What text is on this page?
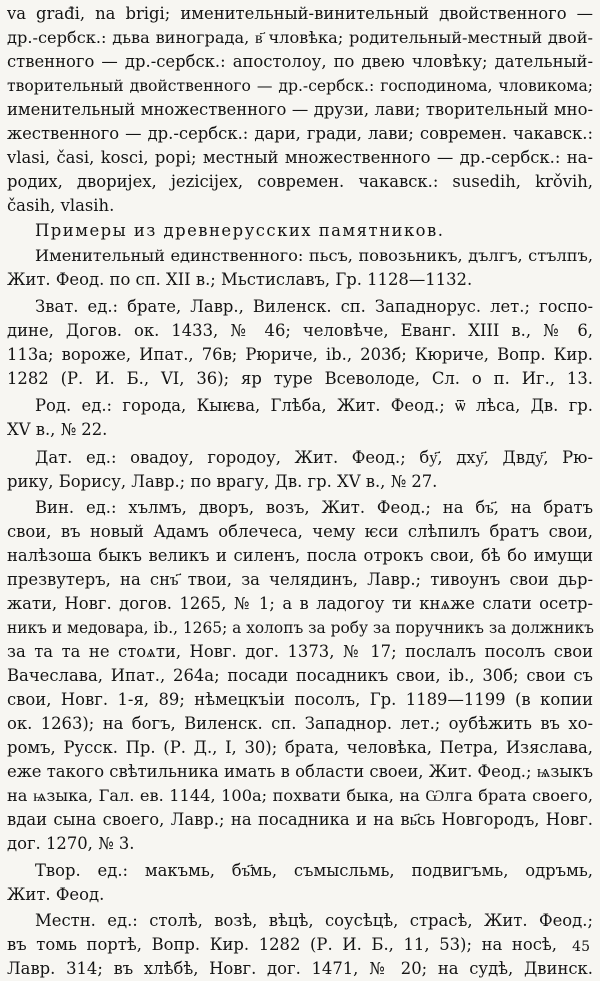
va građi, na brigi; именительный-винительный двойственного —
др.-сербск.: дьва винограда, в҃ чловѣка; родительный-местный двой-
ственного — др.-сербск.: апостолоу, по двею чловѣку; дательный-
творительный двойственного — др.-сербск.: господинома, чловикома;
именительный множественного — друзи, лави; творительный мно-
жественного — др.-сербск.: дари, гради, лави; современ. чакавск.:
vlasi, časi, kosci, popi; местный множественного — др.-сербск.: на-
родих, дворијех, jezicijeх, современ. чакавск.: susedih, krǒvih,
časih, vlasih.
Примеры из древнерусских памятников.
Именительный единственного: пьсъ, повозьникъ, дългъ, стълпъ,
Жит. Феод. по сп. XII в.; Мьстиславъ, Гр. 1128—1132.
Зват. ед.: брате, Лавр., Виленск. сп. Западнорус. лет.; госпо-
дине, Догов. ок. 1433, № 46; человѣче, Еванг. XIII в., № 6,
113а; вороже, Ипат., 76в; Рюриче, ib., 203б; Кюриче, Вопр. Кир.
1282 (Р. И. Б., VI, 36); яр туре Всеволоде, Сл. о п. Иг., 13.
Род. ед.: города, Кыѥва, Глѣба, Жит. Феод.; ѿ лѣса, Дв. гр.
XV в., № 22.
Дат. ед.: овадоу, городоу, Жит. Феод.; бу҃, дху҃, Двду҃, Рю-
рику, Борису, Лавр.; по врагу, Дв. гр. XV в., № 27.
Вин. ед.: хълмъ, дворъ, возъ, Жит. Феод.; на бъ҃, на братъ
свои, въ новый Адамъ облечеса, чему ѥси слѣпилъ братъ свои,
налѣзоша быкъ великъ и силенъ, посла отрокъ свои, бѣ бо имущи
презвутеръ, на снъ҃ твои, за челядинъ, Лавр.; тивоунъ свои дьр-
жати, Новг. догов. 1265, № 1; а в ладогоу ти кнѧже слати осетр-
никъ и медовара, ib., 1265; а холопъ за робу за поручникъ за должникъ
за та та не стоѧти, Новг. дог. 1373, № 17; послалъ посолъ свои
Вачеслава, Ипат., 264а; посади посадникъ свои, ib., 30б; свои съ
свои, Новг. 1-я, 89; нѣмецкъіи посолъ, Гр. 1189—1199 (в копии
ок. 1263); на богъ, Виленск. сп. Западнор. лет.; оубѣжить въ хо-
ромъ, Русск. Пр. (Р. Д., I, 30); брата, человѣка, Петра, Изяслава,
еже такого свѣтильника имать в области своеи, Жит. Феод.; ѩзыкъ
на ѩзыка, Гал. ев. 1144, 100а; похвати быка, на Ѡлга брата своего,
вдаи сына своего, Лавр.; на посадника и на вь҃сь Новгородъ, Новг.
дог. 1270, № 3.
Твор. ед.: макъмь, бъ҃мь, съмысльмь, подвигъмь, одръмь,
Жит. Феод.
Местн. ед.: столѣ, возѣ, вѣцѣ, соусѣцѣ, страсѣ, Жит. Феод.;
въ томь портѣ, Вопр. Кир. 1282 (Р. И. Б., 11, 53); на носѣ,
Лавр. 314; въ хлѣбѣ, Новг. дог. 1471, № 20; на судѣ, Двинск.
45
